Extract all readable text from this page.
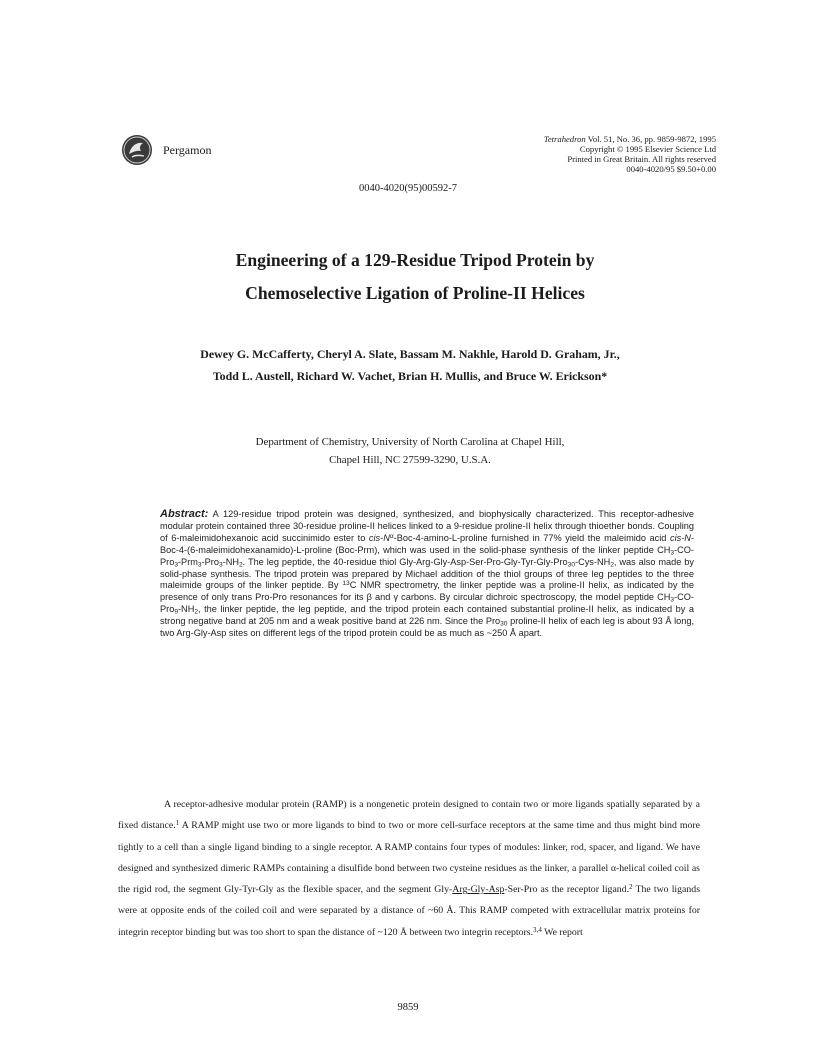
Pergamon
Tetrahedron Vol. 51, No. 36, pp. 9859-9872, 1995
Copyright © 1995 Elsevier Science Ltd
Printed in Great Britain. All rights reserved
0040-4020/95 $9.50+0.00
0040-4020(95)00592-7
Engineering of a 129-Residue Tripod Protein by
Chemoselective Ligation of Proline-II Helices
Dewey G. McCafferty, Cheryl A. Slate, Bassam M. Nakhle, Harold D. Graham, Jr.,
Todd L. Austell, Richard W. Vachet, Brian H. Mullis, and Bruce W. Erickson*
Department of Chemistry, University of North Carolina at Chapel Hill,
Chapel Hill, NC 27599-3290, U.S.A.
Abstract: A 129-residue tripod protein was designed, synthesized, and biophysically characterized. This receptor-adhesive modular protein contained three 30-residue proline-II helices linked to a 9-residue proline-II helix through thioether bonds. Coupling of 6-maleimidohexanoic acid succinimido ester to cis-$N^\alpha-Boc-4-amino-L$-proline furnished in 77% yield the maleimido acid cis-N-Boc-4-(6-maleimidohexanamido)-L-proline (Boc-Prm), which was used in the solid-phase synthesis of the linker peptide $CH_3-CO-Pro_3-Prm_3-Pro_3-NH_2$. The leg peptide, the 40-residue thiol Gly-$Arg-Gly-Asp-Ser-Pro-Gly-Tyr-Gly-Pro_{30}-Cys-NH_2$, was also made by solid-phase synthesis. The tripod protein was prepared by Michael addition of the thiol groups of three leg peptides to the three maleimide groups of the linker peptide. By $^{13}$C NMR spectrometry, the linker peptide was a proline-II helix, as indicated by the presence of only trans Pro-Pro resonances for its β and γ carbons. By circular dichroic spectroscopy, the model peptide $CH_3-CO-Pro_9-NH_2$, the linker peptide, the leg peptide, and the tripod protein each contained substantial proline-II helix, as indicated by a strong negative band at 205 nm and a weak positive band at 226 nm. Since the Pro$_{30}$ proline-II helix of each leg is about 93 Å long, two Arg-Gly-Asp sites on different legs of the tripod protein could be as much as ~250 Å apart.
A receptor-adhesive modular protein (RAMP) is a nongenetic protein designed to contain two or more ligands spatially separated by a fixed distance.$^1$ A RAMP might use two or more ligands to bind to two or more cell-surface receptors at the same time and thus might bind more tightly to a cell than a single ligand binding to a single receptor. A RAMP contains four types of modules: linker, rod, spacer, and ligand. We have designed and synthesized dimeric RAMPs containing a disulfide bond between two cysteine residues as the linker, a parallel α-helical coiled coil as the rigid rod, the segment Gly-Tyr-Gly as the flexible spacer, and the segment Gly-Arg-Gly-Asp-Ser-Pro as the receptor ligand.$^2$ The two ligands were at opposite ends of the coiled coil and were separated by a distance of ~60 Å. This RAMP competed with extracellular matrix proteins for integrin receptor binding but was too short to span the distance of ~120 Å between two integrin receptors.$^{3,4}$ We report
9859
